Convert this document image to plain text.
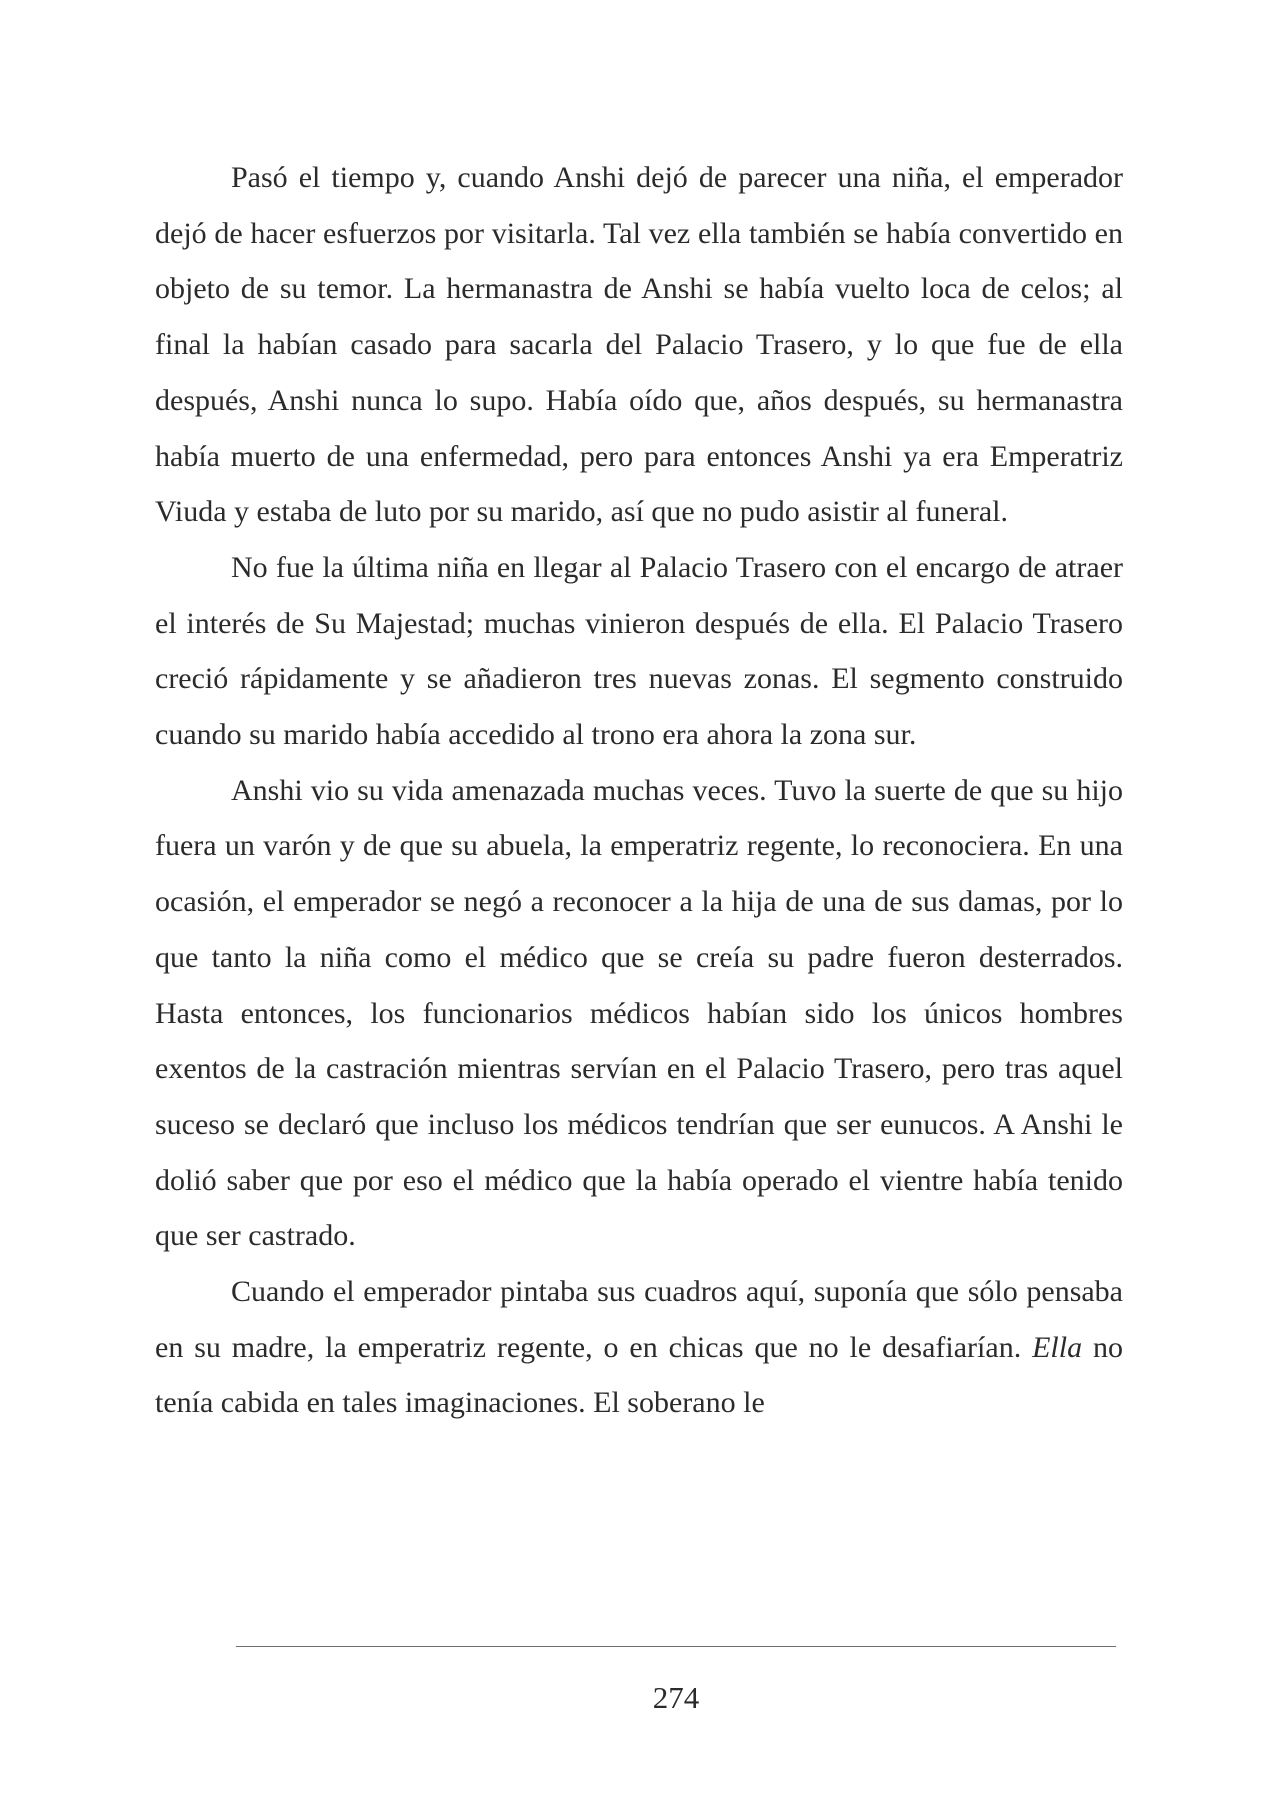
Pasó el tiempo y, cuando Anshi dejó de parecer una niña, el emperador dejó de hacer esfuerzos por visitarla. Tal vez ella también se había convertido en objeto de su temor. La hermanastra de Anshi se había vuelto loca de celos; al final la habían casado para sacarla del Palacio Trasero, y lo que fue de ella después, Anshi nunca lo supo. Había oído que, años después, su hermanastra había muerto de una enfermedad, pero para entonces Anshi ya era Emperatriz Viuda y estaba de luto por su marido, así que no pudo asistir al funeral.

No fue la última niña en llegar al Palacio Trasero con el encargo de atraer el interés de Su Majestad; muchas vinieron después de ella. El Palacio Trasero creció rápidamente y se añadieron tres nuevas zonas. El segmento construido cuando su marido había accedido al trono era ahora la zona sur.

Anshi vio su vida amenazada muchas veces. Tuvo la suerte de que su hijo fuera un varón y de que su abuela, la emperatriz regente, lo reconociera. En una ocasión, el emperador se negó a reconocer a la hija de una de sus damas, por lo que tanto la niña como el médico que se creía su padre fueron desterrados. Hasta entonces, los funcionarios médicos habían sido los únicos hombres exentos de la castración mientras servían en el Palacio Trasero, pero tras aquel suceso se declaró que incluso los médicos tendrían que ser eunucos. A Anshi le dolió saber que por eso el médico que la había operado el vientre había tenido que ser castrado.

Cuando el emperador pintaba sus cuadros aquí, suponía que sólo pensaba en su madre, la emperatriz regente, o en chicas que no le desafiarían. Ella no tenía cabida en tales imaginaciones. El soberano le

274
